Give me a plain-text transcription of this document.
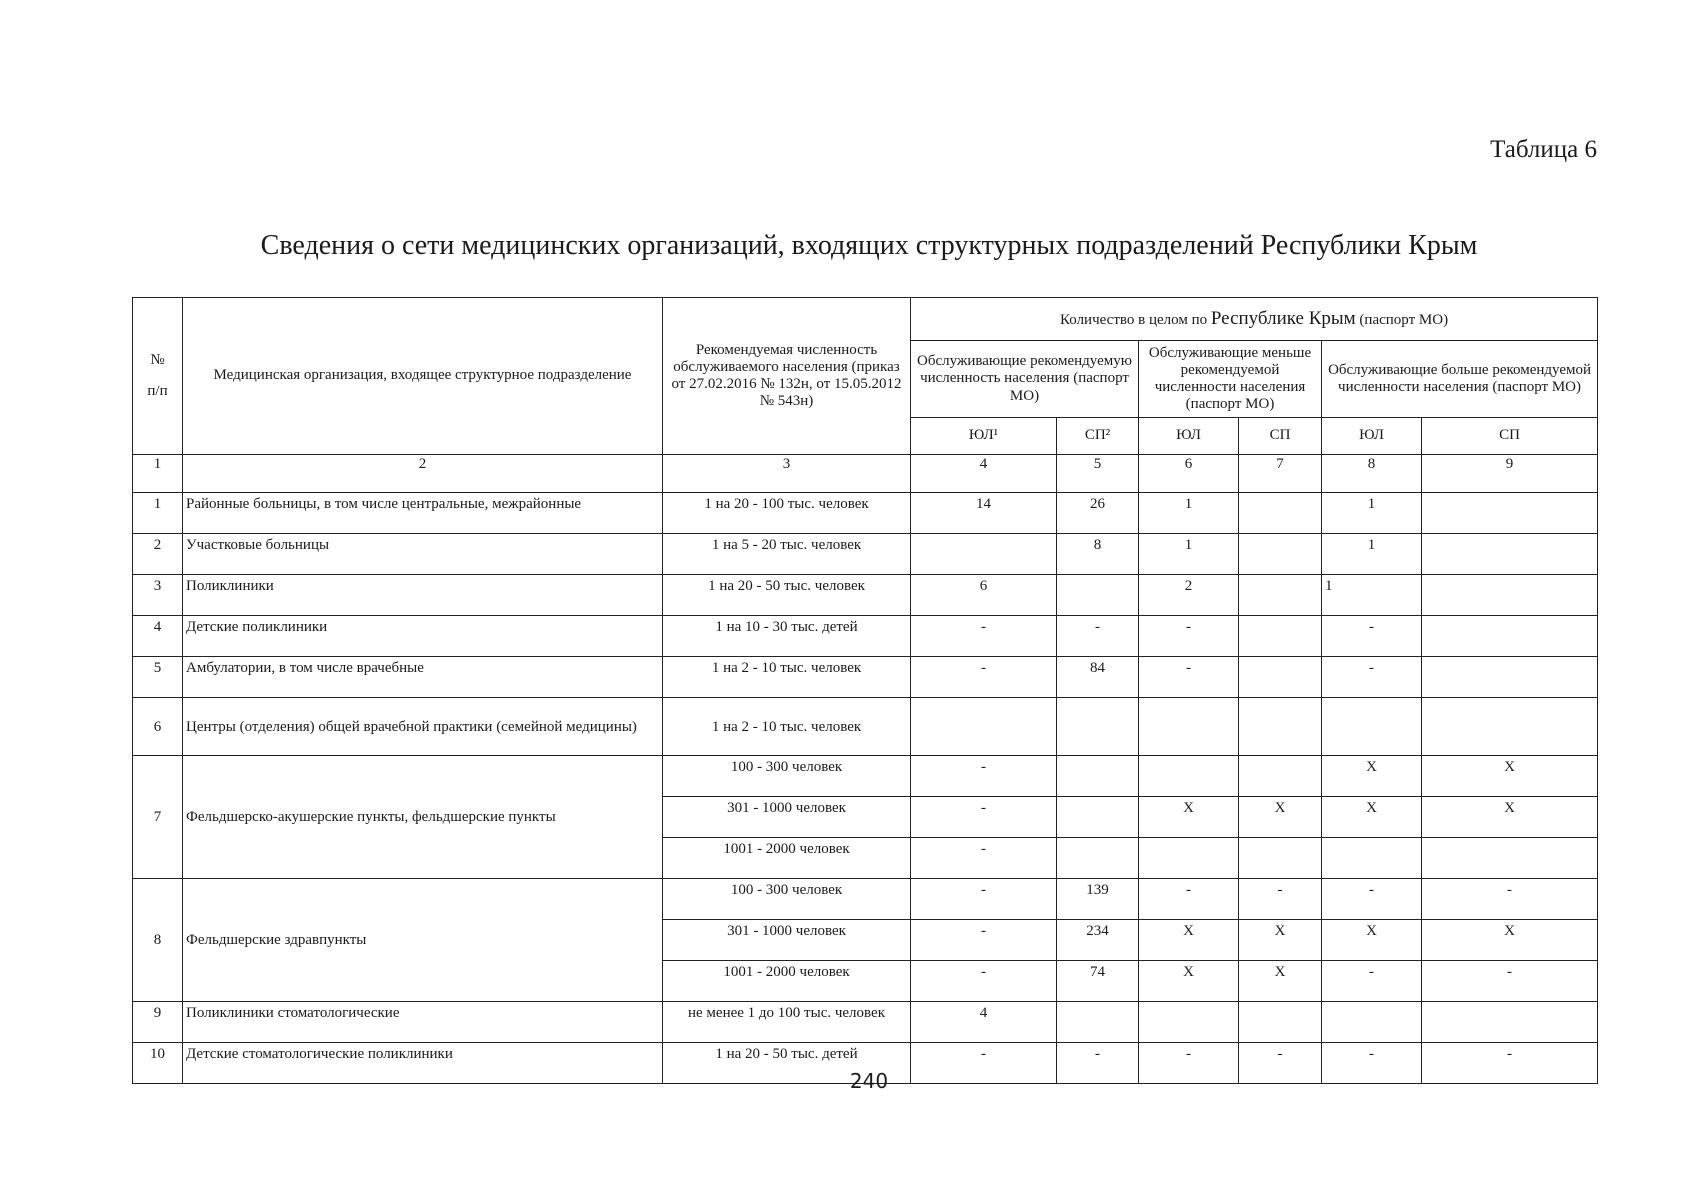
Таблица 6
Сведения о сети медицинских организаций, входящих структурных подразделений Республики Крым
№
п/п	Медицинская организация, входящее структурное подразделение	Рекомендуемая численность обслуживаемого населения (приказ от 27.02.2016 № 132н, от 15.05.2012 № 543н)	Количество в целом по Республике Крым (паспорт МО)					
			Обслуживающие рекомендуемую численность населения (паспорт МО)		Обслуживающие меньше рекомендуемой численности населения (паспорт МО)		Обслуживающие больше рекомендуемой численности населения (паспорт МО)	
			ЮЛ¹	СП²	ЮЛ	СП	ЮЛ	СП
1	2	3	4	5	6	7	8	9
1	Районные больницы, в том числе центральные, межрайонные	1 на 20 - 100 тыс. человек	14	26	1		1	
2	Участковые больницы	1 на 5 - 20 тыс. человек		8	1		1	
3	Поликлиники	1 на 20 - 50 тыс. человек	6		2		1	
4	Детские поликлиники	1 на 10 - 30 тыс. детей	-	-	-		-	
5	Амбулатории, в том числе врачебные	1 на 2 - 10 тыс. человек	-	84	-		-	
6	Центры (отделения) общей врачебной практики (семейной медицины)	1 на 2 - 10 тыс. человек						
7	Фельдшерско-акушерские пункты, фельдшерские пункты	100 - 300 человек	-				X	X
		301 - 1000 человек	-		X	X	X	X
		1001 - 2000 человек	-					
8	Фельдшерские здравпункты	100 - 300 человек	-	139	-	-	-	-
		301 - 1000 человек	-	234	X	X	X	X
		1001 - 2000 человек	-	74	X	X	-	-
9	Поликлиники стоматологические	не менее 1 до 100 тыс. человек	4					
10	Детские стоматологические поликлиники	1 на 20 - 50 тыс. детей	-	-	-	-	-	-
240
